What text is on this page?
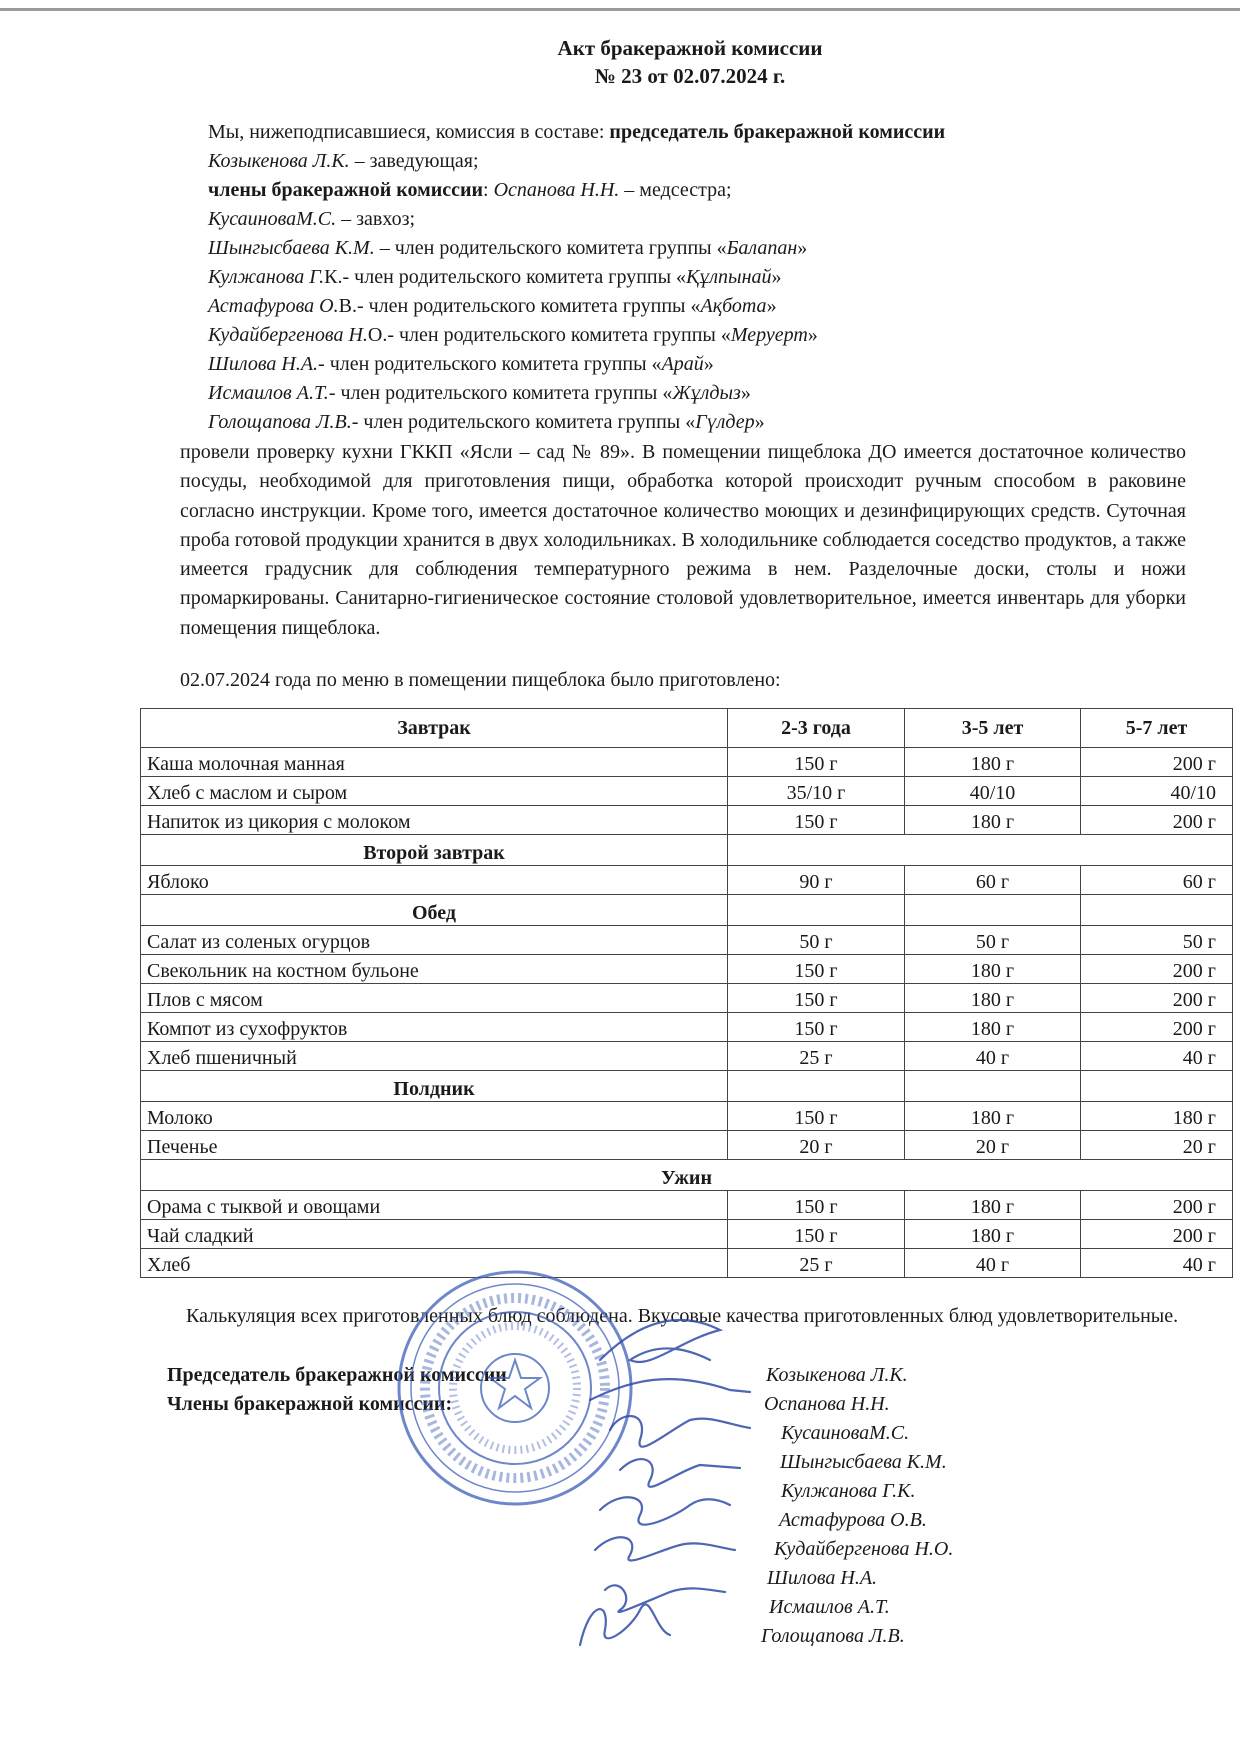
Акт бракеражной комиссии
№ 23 от 02.07.2024 г.
Мы, нижеподписавшиеся, комиссия в составе: председатель бракеражной комиссии
Козыкенова Л.К. – заведующая;
члены бракеражной комиссии: Оспанова Н.Н. – медсестра;
КусаиноваМ.С. – завхоз;
Шынгысбаева К.М. – член родительского комитета группы «Балапан»
Кулжанова Г.К.- член родительского комитета группы «Құлпынай»
Астафурова О.В.- член родительского комитета группы «Ақбота»
Кудайбергенова Н.О.- член родительского комитета группы «Меруерт»
Шилова Н.А.- член родительского комитета группы «Арай»
Исмаилов А.Т.- член родительского комитета группы «Жұлдыз»
Голощапова Л.В.- член родительского комитета группы «Гүлдер»
провели проверку кухни ГККП «Ясли – сад № 89». В помещении пищеблока ДО имеется достаточное количество посуды, необходимой для приготовления пищи, обработка которой происходит ручным способом в раковине согласно инструкции. Кроме того, имеется достаточное количество моющих и дезинфицирующих средств. Суточная проба готовой продукции хранится в двух холодильниках. В холодильнике соблюдается соседство продуктов, а также имеется градусник для соблюдения температурного режима в нем. Разделочные доски, столы и ножи промаркированы. Санитарно-гигиеническое состояние столовой удовлетворительное, имеется инвентарь для уборки помещения пищеблока.
02.07.2024 года по меню в помещении пищеблока было приготовлено:
Завтрак	2-3 года	3-5 лет	5-7 лет
Каша молочная манная	150 г	180 г	200 г
Хлеб с маслом и сыром	35/10 г	40/10	40/10
Напиток из цикория с молоком	150 г	180 г	200 г
Второй завтрак			
Яблоко	90 г	60 г	60 г
Обед			
Салат из соленых огурцов	50 г	50 г	50 г
Свекольник на костном бульоне	150 г	180 г	200 г
Плов с мясом	150 г	180 г	200 г
Компот из сухофруктов	150 г	180 г	200 г
Хлеб пшеничный	25 г	40 г	40 г
Полдник			
Молоко	150 г	180 г	180 г
Печенье	20 г	20 г	20 г
Ужин			
Орама с тыквой и овощами	150 г	180 г	200 г
Чай сладкий	150 г	180 г	200 г
Хлеб	25 г	40 г	40 г
Калькуляция всех приготовленных блюд соблюдена. Вкусовые качества приготовленных блюд удовлетворительные.
Председатель бракеражной комиссии
Члены бракеражной комиссии:
Козыкенова Л.К.
Оспанова Н.Н.
КусаиноваМ.С.
Шынгысбаева К.М.
Кулжанова Г.К.
Астафурова О.В.
Кудайбергенова Н.О.
Шилова Н.А.
Исмаилов А.Т.
Голощапова Л.В.
